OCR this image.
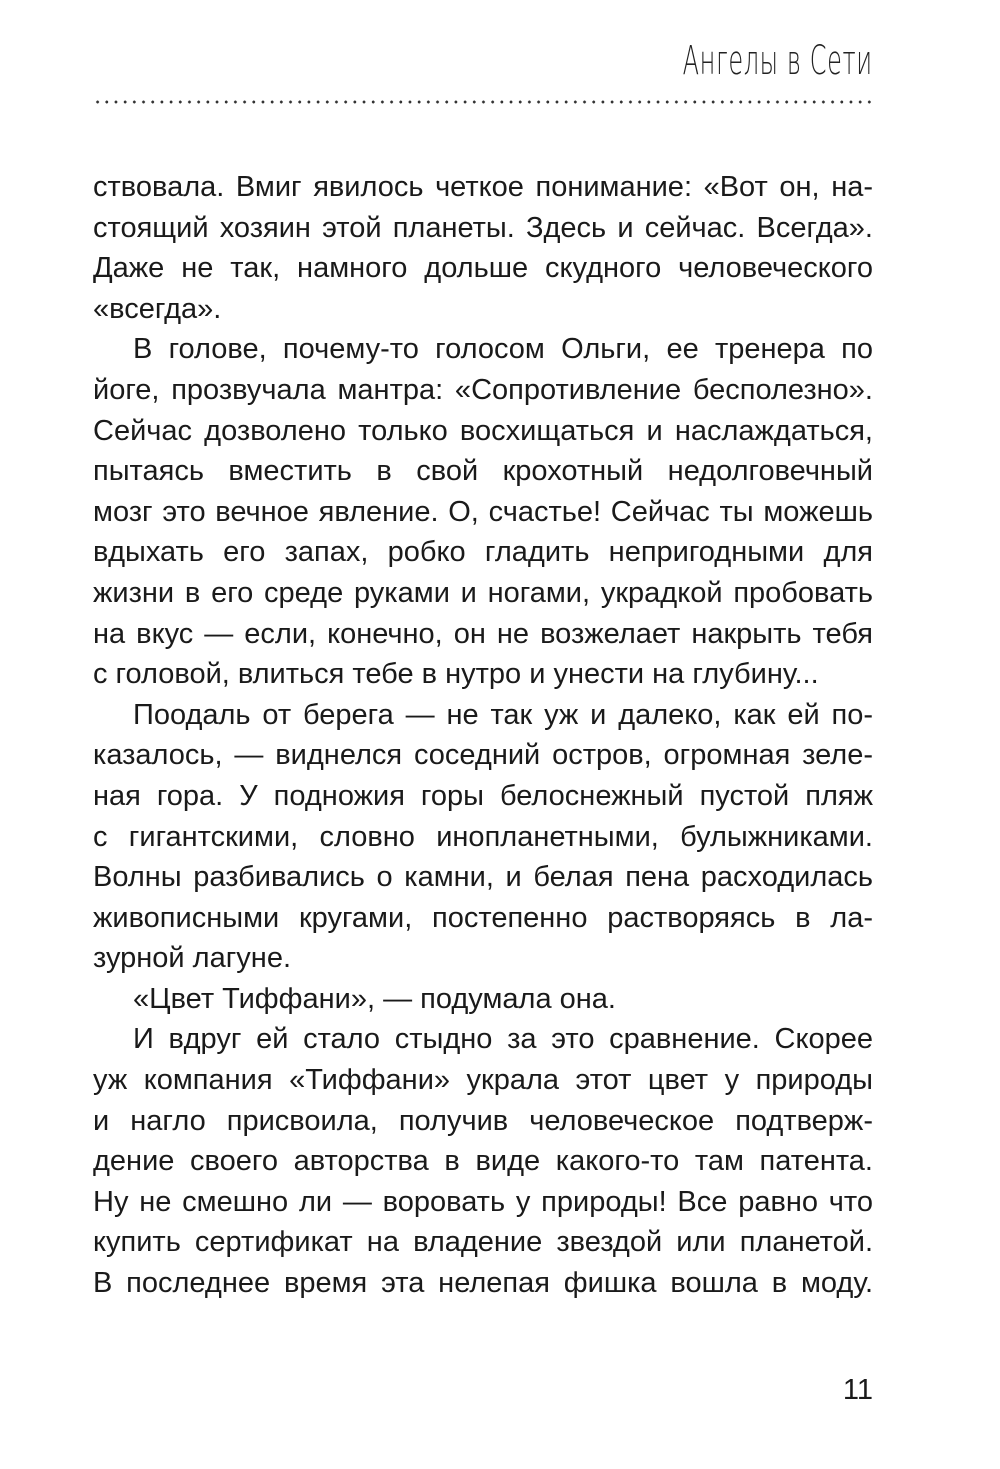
Ангелы в Сети
ствовала. Вмиг явилось четкое понимание: «Вот он, на-
стоящий хозяин этой планеты. Здесь и сейчас. Всегда».
Даже не так, намного дольше скудного человеческого
«всегда».
В голове, почему-то голосом Ольги, ее тренера по
йоге, прозвучала мантра: «Сопротивление бесполезно».
Сейчас дозволено только восхищаться и наслаждаться,
пытаясь вместить в свой крохотный недолговечный
мозг это вечное явление. О, счастье! Сейчас ты можешь
вдыхать его запах, робко гладить непригодными для
жизни в его среде руками и ногами, украдкой пробовать
на вкус — если, конечно, он не возжелает накрыть тебя
с головой, влиться тебе в нутро и унести на глубину...
Поодаль от берега — не так уж и далеко, как ей по-
казалось, — виднелся соседний остров, огромная зеле-
ная гора. У подножия горы белоснежный пустой пляж
с гигантскими, словно инопланетными, булыжниками.
Волны разбивались о камни, и белая пена расходилась
живописными кругами, постепенно растворяясь в ла-
зурной лагуне.
«Цвет Тиффани», — подумала она.
И вдруг ей стало стыдно за это сравнение. Скорее
уж компания «Тиффани» украла этот цвет у природы
и нагло присвоила, получив человеческое подтверж-
дение своего авторства в виде какого-то там патента.
Ну не смешно ли — воровать у природы! Все равно что
купить сертификат на владение звездой или планетой.
В последнее время эта нелепая фишка вошла в моду.
11
